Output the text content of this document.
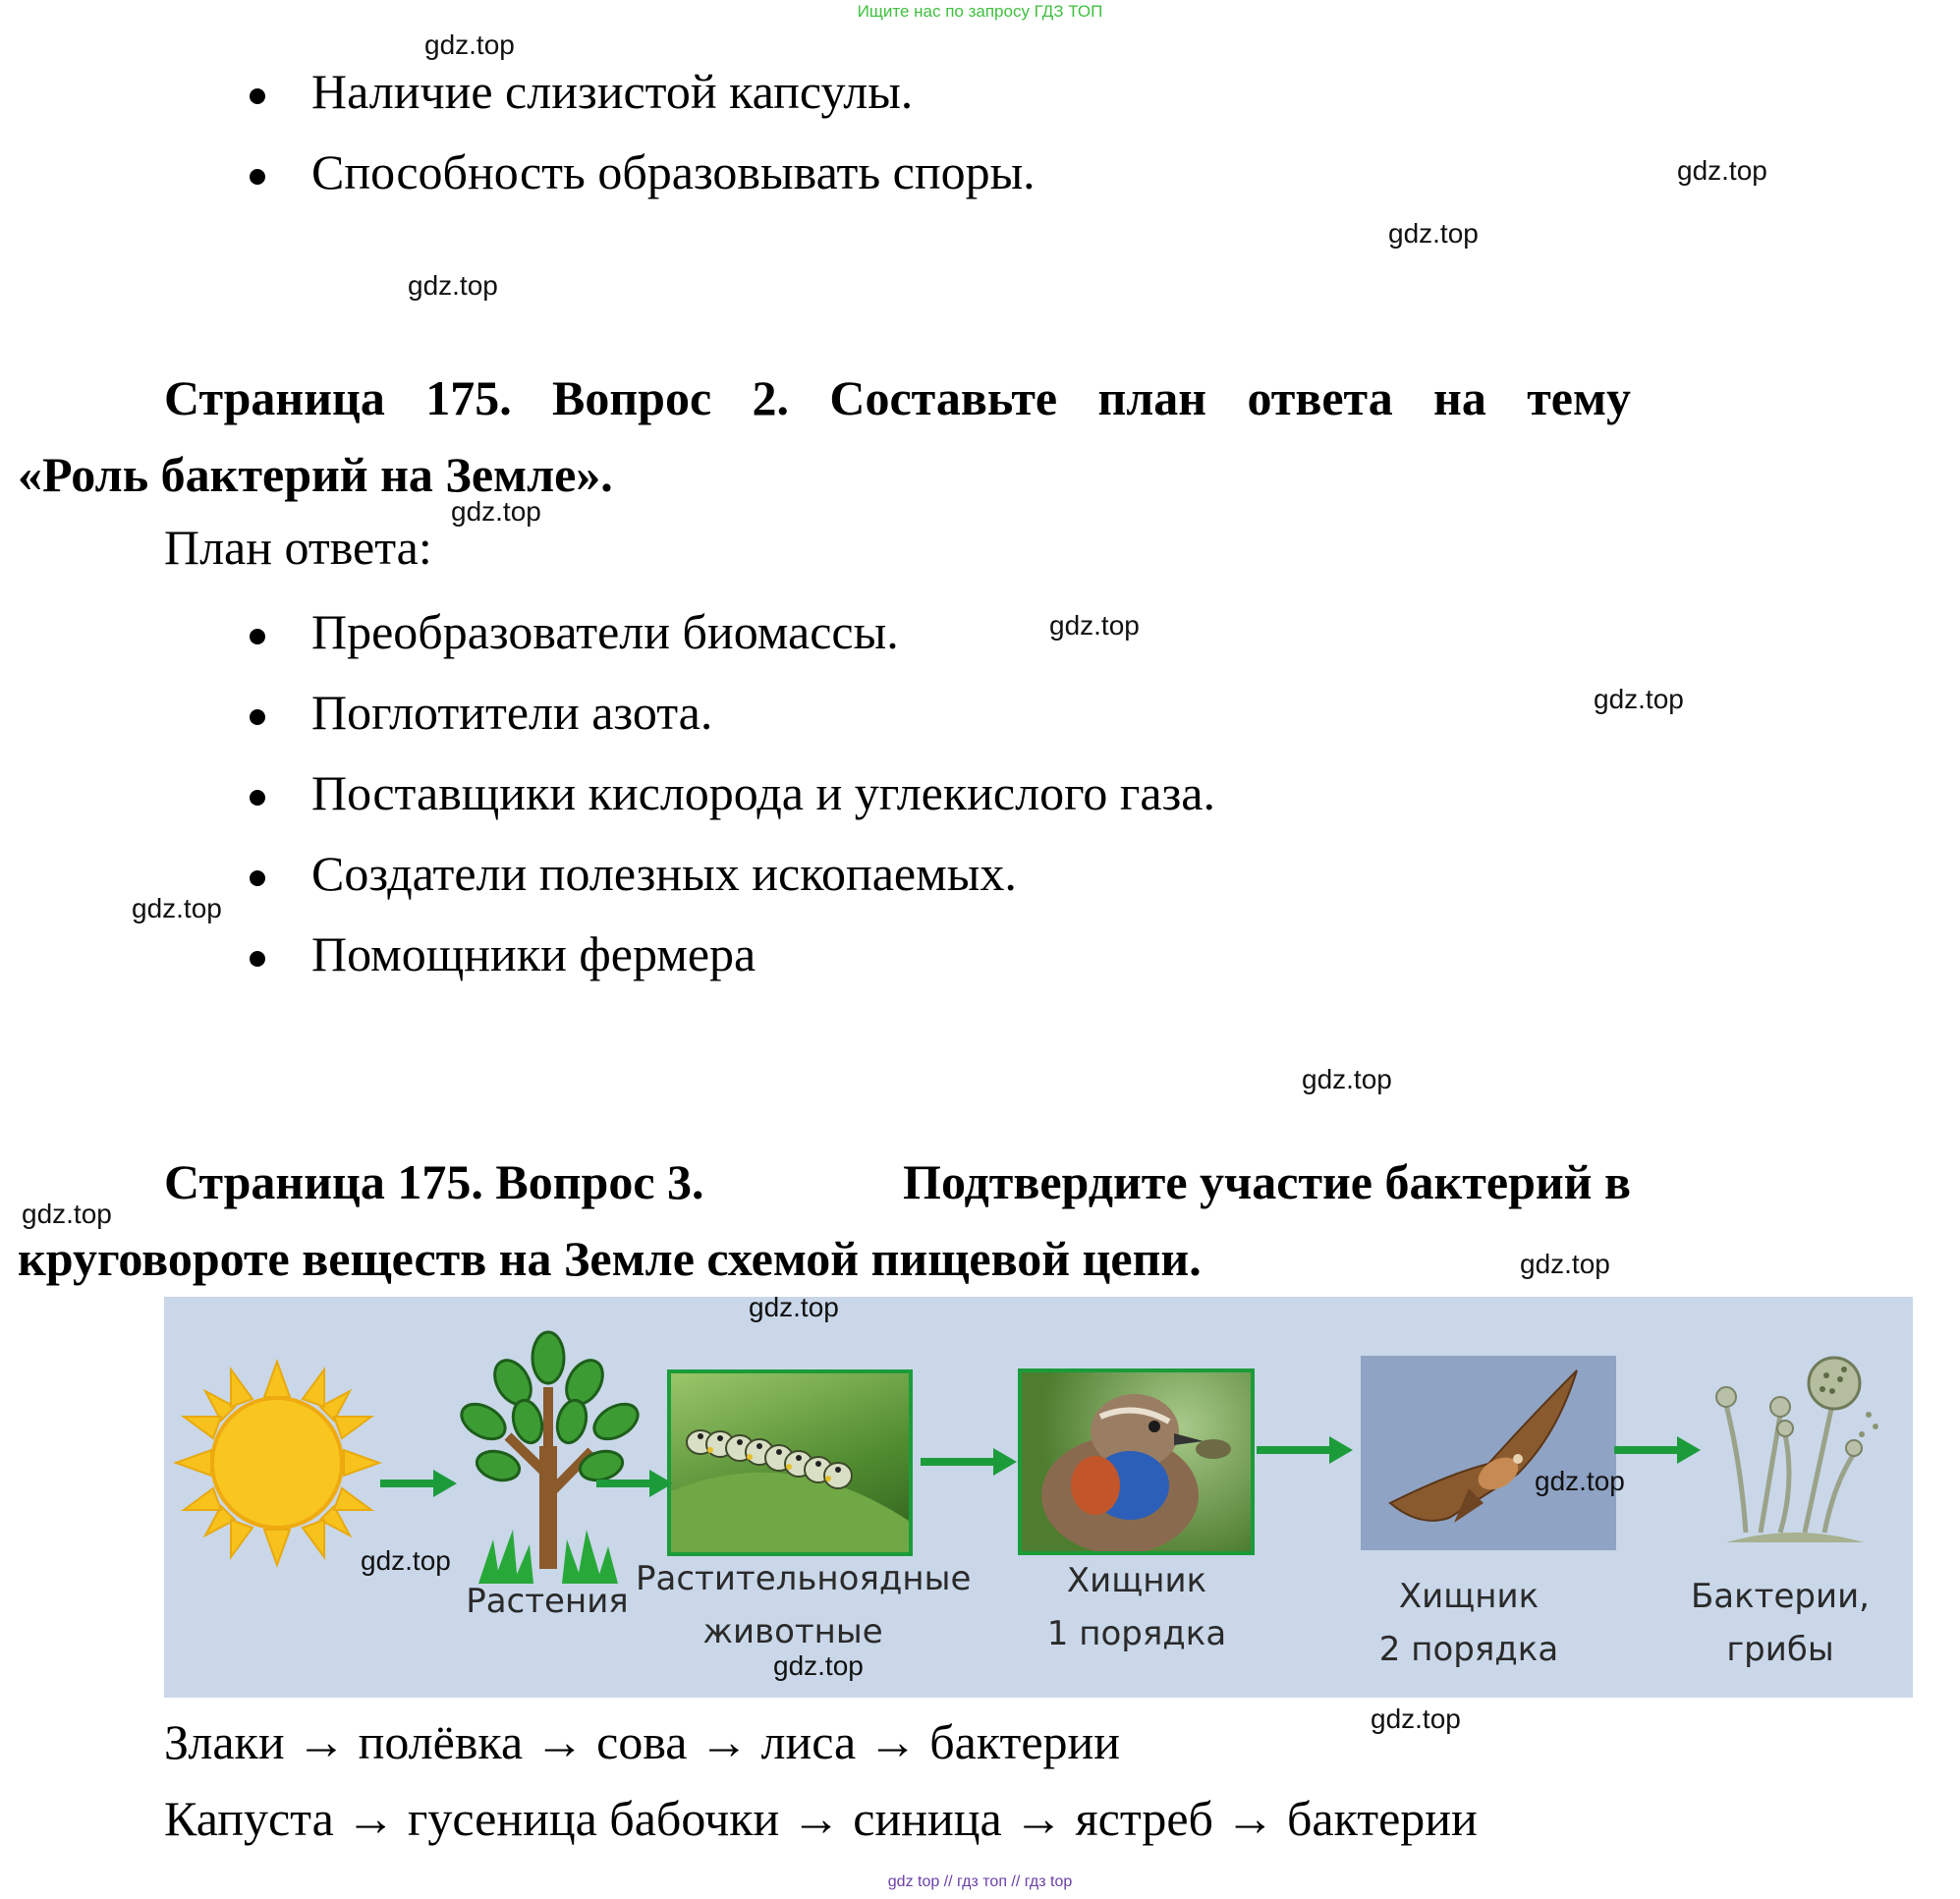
Ищите нас по запросу ГДЗ ТОП
gdz.top
gdz.top
gdz.top
gdz.top
gdz.top
gdz.top
gdz.top
gdz.top
gdz.top
gdz.top
gdz.top
gdz.top
Наличие слизистой капсулы.
Способность образовывать споры.
Страница 175. Вопрос 2. Составьте план ответа на тему
«Роль бактерий на Земле».
План ответа:
Преобразователи биомассы.
Поглотители азота.
Поставщики кислорода и углекислого газа.
Создатели полезных ископаемых.
Помощники фермера
Страница 175. Вопрос 3.	Подтвердите участие бактерий в
круговороте веществ на Земле схемой пищевой цепи.
Растения
Растительноядные
животные
Хищник
1 порядка
Хищник
2 порядка
Бактерии,
грибы
gdz.top
gdz.top
gdz.top
gdz.top
Злаки → полёвка → сова → лиса → бактерии
Капуста → гусеница бабочки → синица → ястреб → бактерии
gdz top // гдз топ // гдз top
